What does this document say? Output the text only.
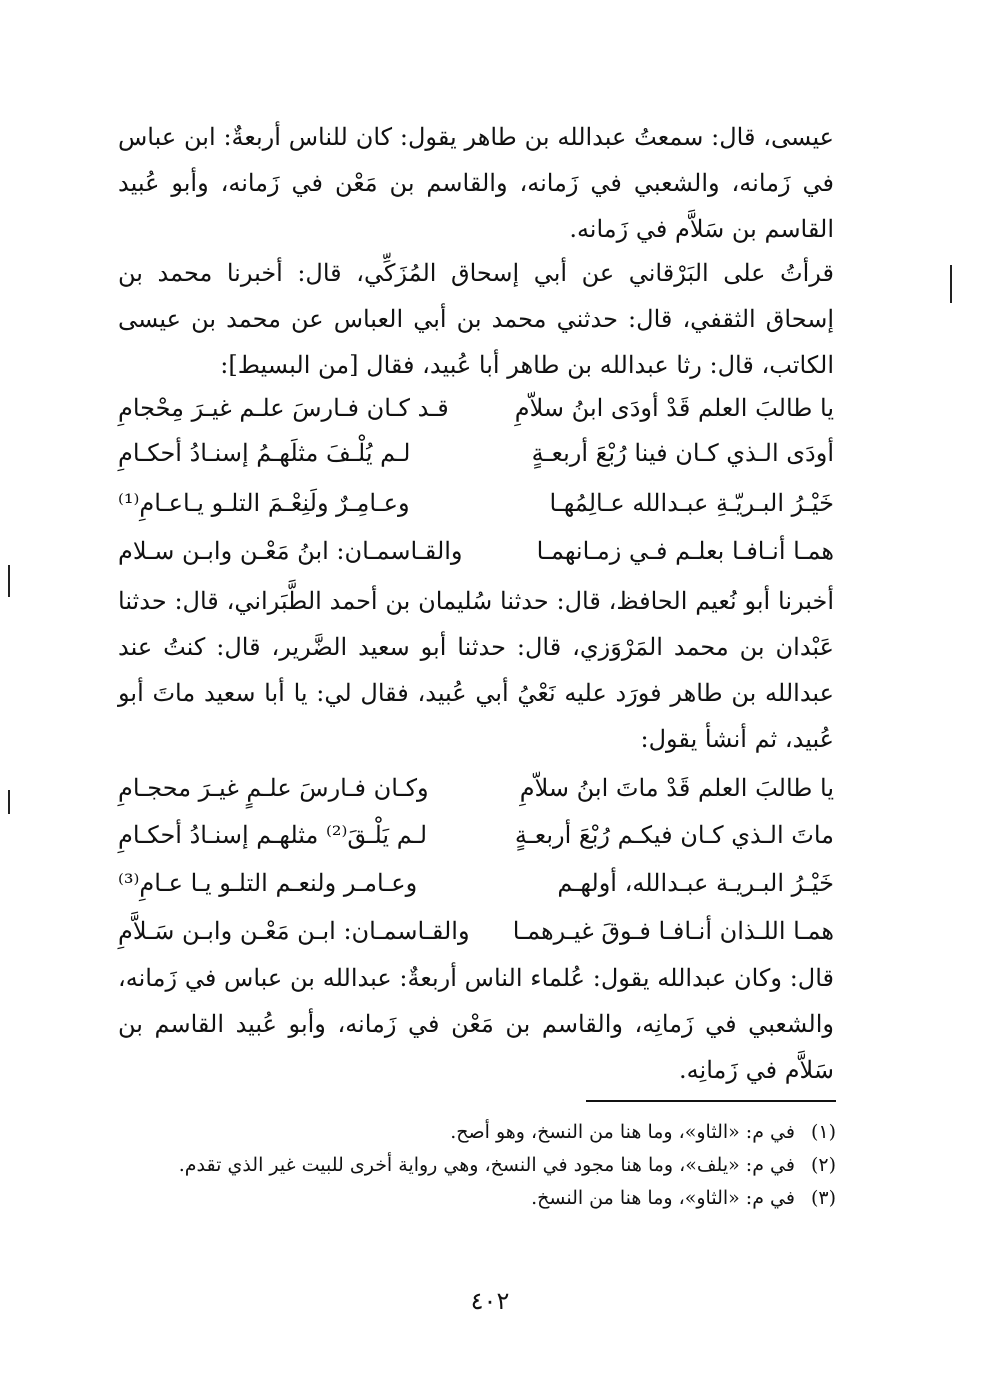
عيسى، قال: سمعتُ عبدالله بن طاهر يقول: كان للناس أربعةٌ: ابن عباس في زَمانه، والشعبي في زَمانه، والقاسم بن مَعْن في زَمانه، وأبو عُبيد القاسم بن سَلاَّم في زَمانه.

قرأتُ على البَرْقاني عن أبي إسحاق المُزَكِّي، قال: أخبرنا محمد بن إسحاق الثقفي، قال: حدثني محمد بن أبي العباس عن محمد بن عيسى الكاتب، قال: رثا عبدالله بن طاهر أبا عُبيد، فقال [من البسيط]:

يا طالبَ العلم قَدْ أودَى ابنُ سلاّمِ
قـد كـان فـارسَ علـم غيـرَ مِحْجامِ
أودَى الـذي كـان فينا رُبْعَ أربعـةٍ
لـم يُلْـفَ مثلَهـمُ إسنـادُ أحكـامِ
خَيْـرُ البـريّـةِ عبـدالله عـالِمُهـا
وعـامِـرٌ ولَنِعْـمَ التلـو يـاعـامِ⁽¹⁾
همـا أنـافـا بعلـم فـي زمـانهمـا
والقـاسمـان: ابنُ مَعْـن وابـن سـلام

أخبرنا أبو نُعيم الحافظ، قال: حدثنا سُليمان بن أحمد الطَّبَراني، قال: حدثنا عَبْدان بن محمد المَرْوَزي، قال: حدثنا أبو سعيد الضَّرير، قال: كنتُ عند عبدالله بن طاهر فورَد عليه نَعْيُ أبي عُبيد، فقال لي: يا أبا سعيد ماتَ أبو عُبيد، ثم أنشأ يقول:

يا طالبَ العلم قَدْ ماتَ ابنُ سلاّمِ
وكـان فـارسَ علـمٍ غيـرَ محجـامِ
ماتَ الـذي كـان فيكـم رُبْعَ أربعـةٍ
لـم يَلْـقَ⁽²⁾ مثلهـم إسنـادُ أحكـامِ
خَيْـرُ البـريـة عبـدالله، أولهـم
وعـامـر ولنعـم التلـو يـا عـامِ⁽³⁾
همـا اللـذان أنـافـا فـوقَ غيـرهمـا
والقـاسمـان: ابـن مَعْـن وابـن سَـلاَّمِ

قال: وكان عبدالله يقول: عُلماء الناس أربعةٌ: عبدالله بن عباس في زَمانه، والشعبي في زَمانِه، والقاسم بن مَعْن في زَمانه، وأبو عُبيد القاسم بن سَلاَّم في زَمانِه.

(١)في م: «الثاو»، وما هنا من النسخ، وهو أصح.
(٢)في م: «يلف»، وما هنا مجود في النسخ، وهي رواية أخرى للبيت غير الذي تقدم.
(٣)في م: «الثاو»، وما هنا من النسخ.
٤٠٢
